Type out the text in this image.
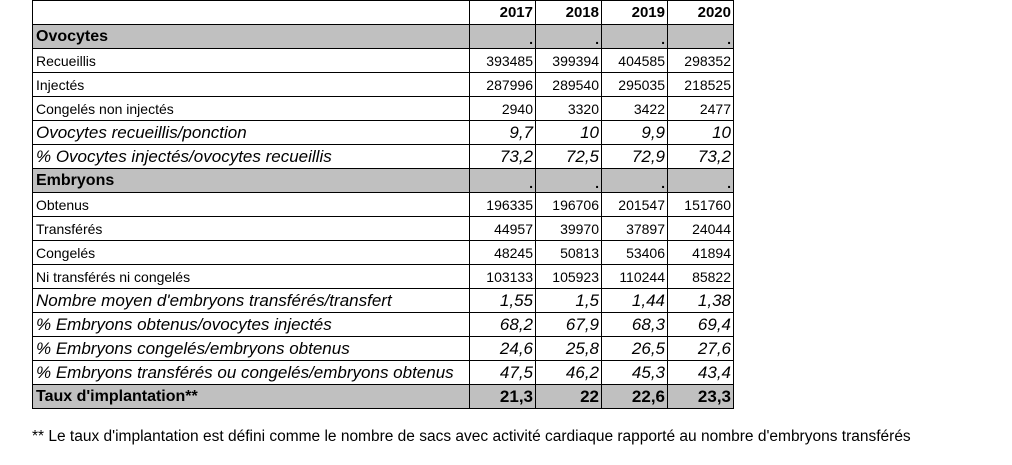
	2017	2018	2019	2020
Ovocytes	.	.	.	.
Recueillis	393485	399394	404585	298352
Injectés	287996	289540	295035	218525
Congelés non injectés	2940	3320	3422	2477
Ovocytes recueillis/ponction	9,7	10	9,9	10
% Ovocytes injectés/ovocytes recueillis	73,2	72,5	72,9	73,2
Embryons	.	.	.	.
Obtenus	196335	196706	201547	151760
Transférés	44957	39970	37897	24044
Congelés	48245	50813	53406	41894
Ni transférés ni congelés	103133	105923	110244	85822
Nombre moyen d'embryons transférés/transfert	1,55	1,5	1,44	1,38
% Embryons obtenus/ovocytes injectés	68,2	67,9	68,3	69,4
% Embryons congelés/embryons obtenus	24,6	25,8	26,5	27,6
% Embryons transférés ou congelés/embryons obtenus	47,5	46,2	45,3	43,4
Taux d'implantation**	21,3	22	22,6	23,3
** Le taux d'implantation est défini comme le nombre de sacs avec activité cardiaque rapporté au nombre d'embryons transférés
